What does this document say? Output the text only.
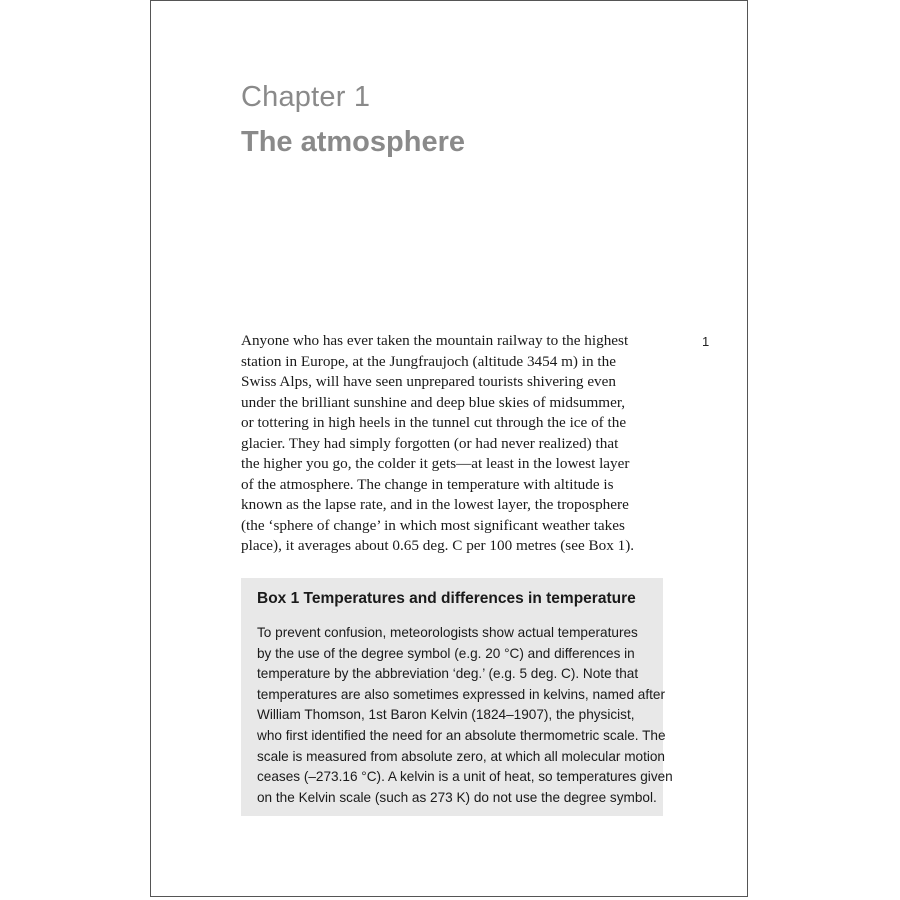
Chapter 1
The atmosphere
1
Anyone who has ever taken the mountain railway to the highest
station in Europe, at the Jungfraujoch (altitude 3454 m) in the
Swiss Alps, will have seen unprepared tourists shivering even
under the brilliant sunshine and deep blue skies of midsummer,
or tottering in high heels in the tunnel cut through the ice of the
glacier. They had simply forgotten (or had never realized) that
the higher you go, the colder it gets—at least in the lowest layer
of the atmosphere. The change in temperature with altitude is
known as the lapse rate, and in the lowest layer, the troposphere
(the ‘sphere of change’ in which most significant weather takes
place), it averages about 0.65 deg. C per 100 metres (see Box 1).
Box 1 Temperatures and differences in temperature
To prevent confusion, meteorologists show actual temperatures
by the use of the degree symbol (e.g. 20 °C) and differences in
temperature by the abbreviation ‘deg.’ (e.g. 5 deg. C). Note that
temperatures are also sometimes expressed in kelvins, named after
William Thomson, 1st Baron Kelvin (1824–1907), the physicist,
who first identified the need for an absolute thermometric scale. The
scale is measured from absolute zero, at which all molecular motion
ceases (–273.16 °C). A kelvin is a unit of heat, so temperatures given
on the Kelvin scale (such as 273 K) do not use the degree symbol.
